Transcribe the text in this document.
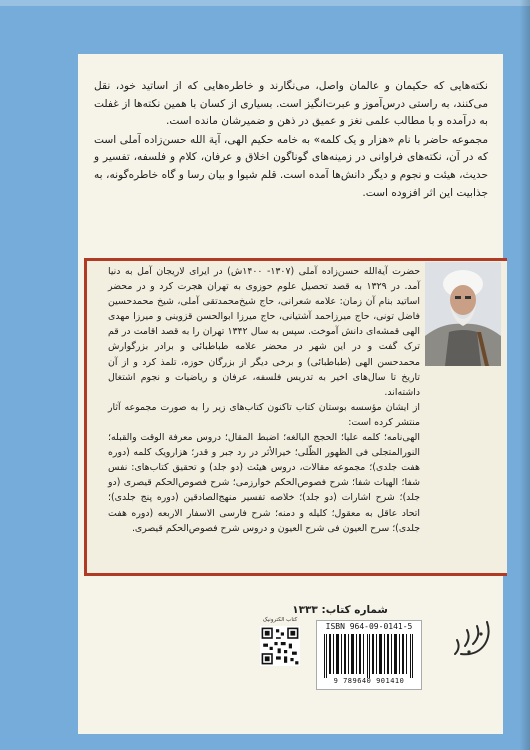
نکته‌هایی که حکیمان و عالمان واصل، می‌نگارند و خاطره‌هایی که از اساتید خود، نقل می‌کنند، به راستی درس‌آموز و عبرت‌انگیز است. بسیاری از کسان با همین نکته‌ها از غفلت به درآمده و با مطالب علمی نغز و عمیق در ذهن و ضمیرشان مانده است.

مجموعه حاضر با نام «هزار و یک کلمه» به خامه حکیم الهی، آیة الله حسن‌زاده آملی است که در آن، نکته‌های فراوانی در زمینه‌های گوناگون اخلاق و عرفان، کلام و فلسفه، تفسیر و حدیث، هیئت و نجوم و دیگر دانش‌ها آمده است. قلم شیوا و بیان رسا و گاه خاطره‌گونه، به جذابیت این اثر افزوده است.

حضرت آیةالله حسن‌زاده آملی (۱۳۰۷- ۱۴۰۰ش) در ایرای لاریجان آمل به دنیا آمد. در ۱۳۲۹ به قصد تحصیل علوم حوزوی به تهران هجرت کرد و در محضر اساتید بنام آن زمان: علامه شعرانی، حاج شیخ‌محمدتقی آملی، شیخ محمدحسین فاضل تونی، حاج میرزاحمد آشتیانی، حاج میرزا ابوالحسن قزوینی و میرزا مهدی الهی قمشه‌ای دانش آموخت. سپس به سال ۱۳۴۲ تهران را به قصد اقامت در قم ترک گفت و در این شهر در محضر علامه طباطبائی و برادر بزرگوارش محمدحسن الهی (طباطبائی) و برخی دیگر از بزرگان حوزه، تلمذ کرد و از آن تاریخ تا سال‌های اخیر به تدریس فلسفه، عرفان و ریاضیات و نجوم اشتغال داشته‌اند.

از ایشان مؤسسه بوستان کتاب تاکنون کتاب‌های زیر را به صورت مجموعه آثار منتشر کرده است:

الهی‌نامه؛ کلمه علیا؛ الحجج البالغه؛ اضبط المقال؛ دروس معرفة الوقت والقبله؛ النورالمتجلی فی الظهور الظّلی؛ خیرالأثر در رد جبر و قدر؛ هزارویک کلمه (دوره هفت جلدی)؛ مجموعه مقالات، دروس هیئت (دو جلد) و تحقیق کتاب‌های: نفس شفا؛ الهیات شفا؛ شرح فصوص‌الحکم خوارزمی؛ شرح فصوص‌الحکم قیصری (دو جلد)؛ شرح اشارات (دو جلد)؛ خلاصه تفسیر منهج‌الصادقین (دوره پنج جلدی)؛ اتحاد عاقل به معقول؛ کلیله و دمنه؛ شرح فارسی الاسفار الاربعه (دوره هفت جلدی)؛ سرح العیون فی شرح العیون و دروس شرح فصوص‌الحکم قیصری.

شماره کتاب: ۱۳۳۳
ISBN 964-09-0141-5
9 789640 901410
کتاب الکترونیک
